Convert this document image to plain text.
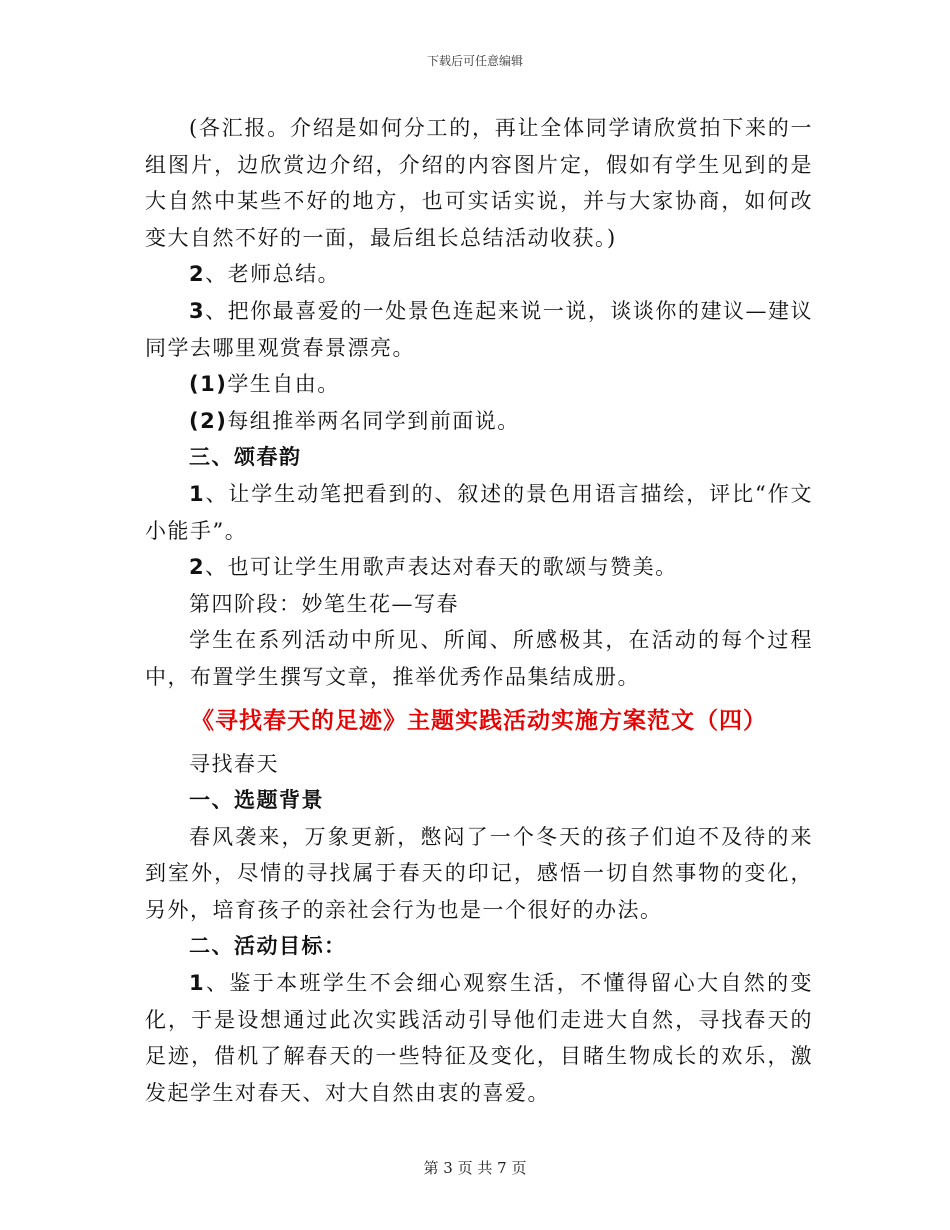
下载后可任意编辑

(各汇报。介绍是如何分工的，再让全体同学请欣赏拍下来的一组图片，边欣赏边介绍，介绍的内容图片定，假如有学生见到的是大自然中某些不好的地方，也可实话实说，并与大家协商，如何改变大自然不好的一面，最后组长总结活动收获。)

2、老师总结。

3、把你最喜爱的一处景色连起来说一说，谈谈你的建议—建议同学去哪里观赏春景漂亮。

(1)学生自由。

(2)每组推举两名同学到前面说。

三、颂春韵

1、让学生动笔把看到的、叙述的景色用语言描绘，评比“作文小能手”。

2、也可让学生用歌声表达对春天的歌颂与赞美。

第四阶段：妙笔生花—写春

学生在系列活动中所见、所闻、所感极其，在活动的每个过程中，布置学生撰写文章，推举优秀作品集结成册。

《寻找春天的足迹》主题实践活动实施方案范文（四）

寻找春天

一、选题背景

春风袭来，万象更新，憋闷了一个冬天的孩子们迫不及待的来到室外，尽情的寻找属于春天的印记，感悟一切自然事物的变化，另外，培育孩子的亲社会行为也是一个很好的办法。

二、活动目标：

1、鉴于本班学生不会细心观察生活，不懂得留心大自然的变化，于是设想通过此次实践活动引导他们走进大自然，寻找春天的足迹，借机了解春天的一些特征及变化，目睹生物成长的欢乐，激发起学生对春天、对大自然由衷的喜爱。

第 3 页 共 7 页
